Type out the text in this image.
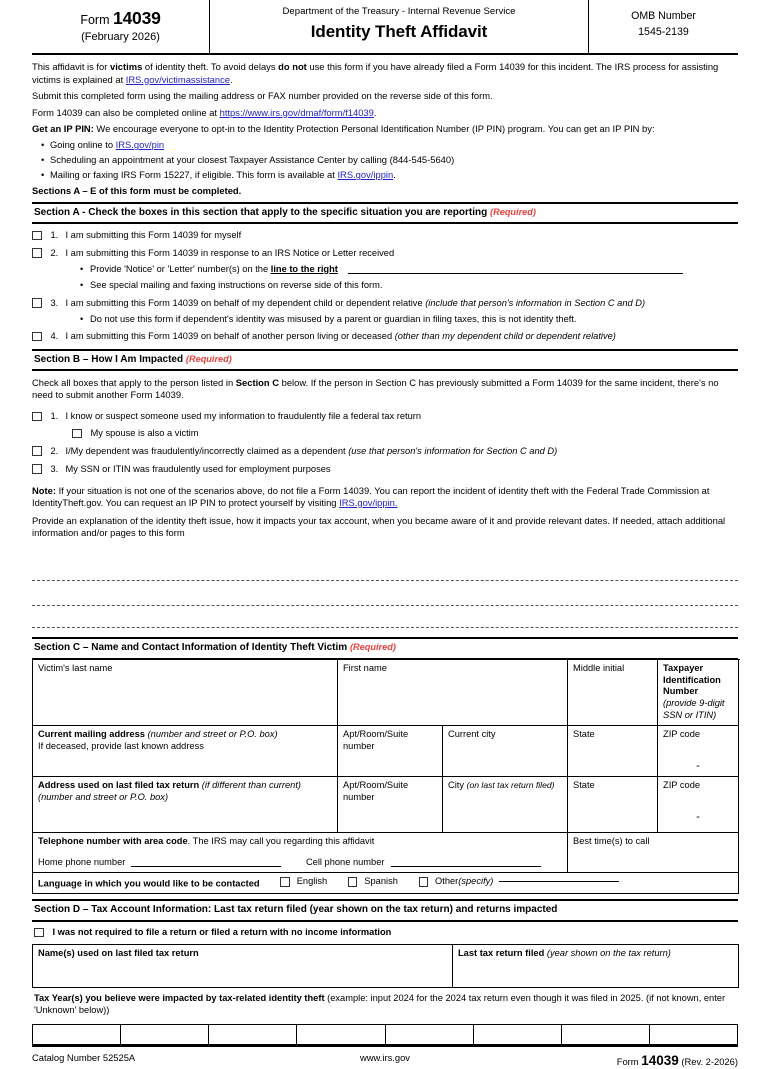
Form 14039
(February 2026)
Department of the Treasury - Internal Revenue Service
Identity Theft Affidavit
OMB Number
1545-2139

This affidavit is for victims of identity theft. To avoid delays do not use this form if you have already filed a Form 14039 for this incident. The IRS process for assisting victims is explained at IRS.gov/victimassistance.

Submit this completed form using the mailing address or FAX number provided on the reverse side of this form.

Form 14039 can also be completed online at https://www.irs.gov/dmaf/form/f14039.

Get an IP PIN: We encourage everyone to opt-in to the Identity Protection Personal Identification Number (IP PIN) program. You can get an IP PIN by:

• Going online to IRS.gov/pin
• Scheduling an appointment at your closest Taxpayer Assistance Center by calling (844-545-5640)
• Mailing or faxing IRS Form 15227, if eligible. This form is available at IRS.gov/ippin.

Sections A – E of this form must be completed.

Section A - Check the boxes in this section that apply to the specific situation you are reporting (Required)
1. I am submitting this Form 14039 for myself
2. I am submitting this Form 14039 in response to an IRS Notice or Letter received
• Provide 'Notice' or 'Letter' number(s) on the line to the right
• See special mailing and faxing instructions on reverse side of this form.
3. I am submitting this Form 14039 on behalf of my dependent child or dependent relative (include that person's information in Section C and D)
• Do not use this form if dependent's identity was misused by a parent or guardian in filing taxes, this is not identity theft.
4. I am submitting this Form 14039 on behalf of another person living or deceased (other than my dependent child or dependent relative)
Section B – How I Am Impacted (Required)

Check all boxes that apply to the person listed in Section C below. If the person in Section C has previously submitted a Form 14039 for the same incident, there's no need to submit another Form 14039.

1. I know or suspect someone used my information to fraudulently file a federal tax return
My spouse is also a victim
2. I/My dependent was fraudulently/incorrectly claimed as a dependent (use that person's information for Section C and D)
3. My SSN or ITIN was fraudulently used for employment purposes

Note: If your situation is not one of the scenarios above, do not file a Form 14039. You can report the incident of identity theft with the Federal Trade Commission at IdentityTheft.gov. You can request an IP PIN to protect yourself by visiting IRS.gov/ippin.

Provide an explanation of the identity theft issue, how it impacts your tax account, when you became aware of it and provide relevant dates. If needed, attach additional information and/or pages to this form

Section C – Name and Contact Information of Identity Theft Victim (Required)
Victim's last name	First name		Middle initial	Taxpayer Identification Number
(provide 9-digit SSN or ITIN)
Current mailing address (number and street or P.O. box)
If deceased, provide last known address	Apt/Room/Suite number	Current city	State	ZIP code
-

Address used on last filed tax return (if different than current)
(number and street or P.O. box)	Apt/Room/Suite number	City (on last tax return filed)	State	ZIP code
-

Telephone number with area code. The IRS may call you regarding this affidavit
Home phone number Cell phone number			Best time(s) to call	
Language in which you would like to be contacted English
Spanish
Other (specify)				
Section D – Tax Account Information: Last tax return filed (year shown on the tax return) and returns impacted
I was not required to file a return or filed a return with no income information
Name(s) used on last filed tax return	Last tax return filed (year shown on the tax return)
Tax Year(s) you believe were impacted by tax-related identity theft (example: input 2024 for the 2024 tax return even though it was filed in 2025. (if not known, enter 'Unknown' below))

Catalog Number 52525A	www.irs.gov	Form 14039 (Rev. 2-2026)
